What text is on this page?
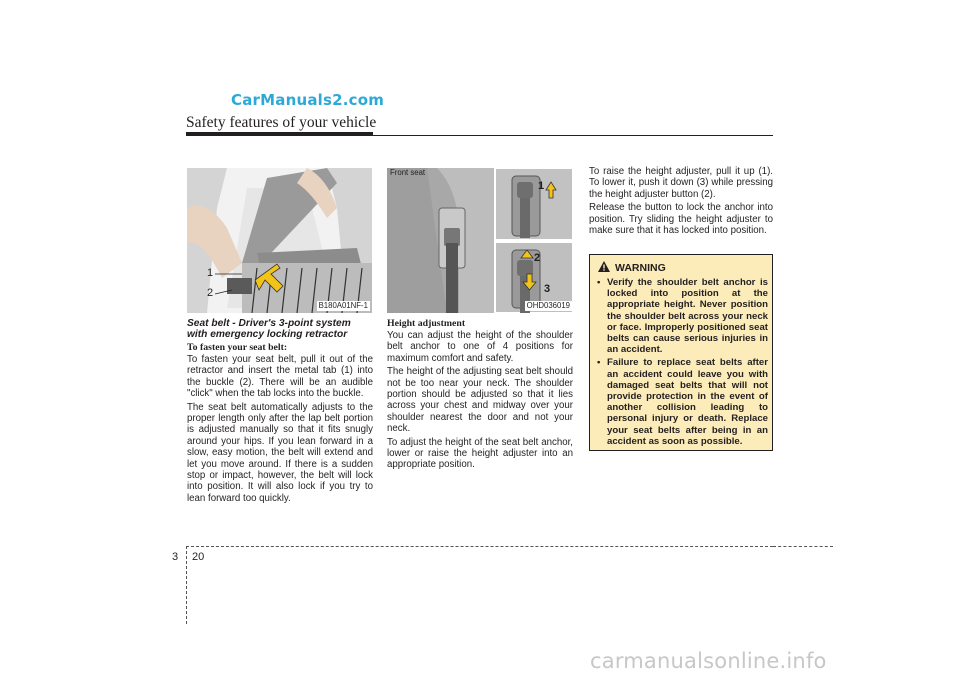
CarManuals2.com
Safety features of your vehicle
1
2
B180A01NF-1
Front seat
1
2
3
OHD036019
Seat belt - Driver's 3-point system with emergency locking retractor
To fasten your seat belt:

To fasten your seat belt, pull it out of the retractor and insert the metal tab (1) into the buckle (2). There will be an audible "click" when the tab locks into the buckle.

The seat belt automatically adjusts to the proper length only after the lap belt portion is adjusted manually so that it fits snugly around your hips. If you lean forward in a slow, easy motion, the belt will extend and let you move around. If there is a sudden stop or impact, however, the belt will lock into position. It will also lock if you try to lean forward too quickly.

Height adjustment

You can adjust the height of the shoulder belt anchor to one of 4 positions for maximum comfort and safety.

The height of the adjusting seat belt should not be too near your neck. The shoulder portion should be adjusted so that it lies across your chest and midway over your shoulder nearest the door and not your neck.

To adjust the height of the seat belt anchor, lower or raise the height adjuster into an appropriate position.

To raise the height adjuster, pull it up (1). To lower it, push it down (3) while pressing the height adjuster button (2).

Release the button to lock the anchor into position. Try sliding the height adjuster to make sure that it has locked into position.

WARNING
• Verify the shoulder belt anchor is locked into position at the appropriate height. Never position the shoulder belt across your neck or face. Improperly positioned seat belts can cause serious injuries in an accident.
• Failure to replace seat belts after an accident could leave you with damaged seat belts that will not provide protection in the event of another collision leading to personal injury or death. Replace your seat belts after being in an accident as soon as possible.
3 20
carmanualsonline.info
